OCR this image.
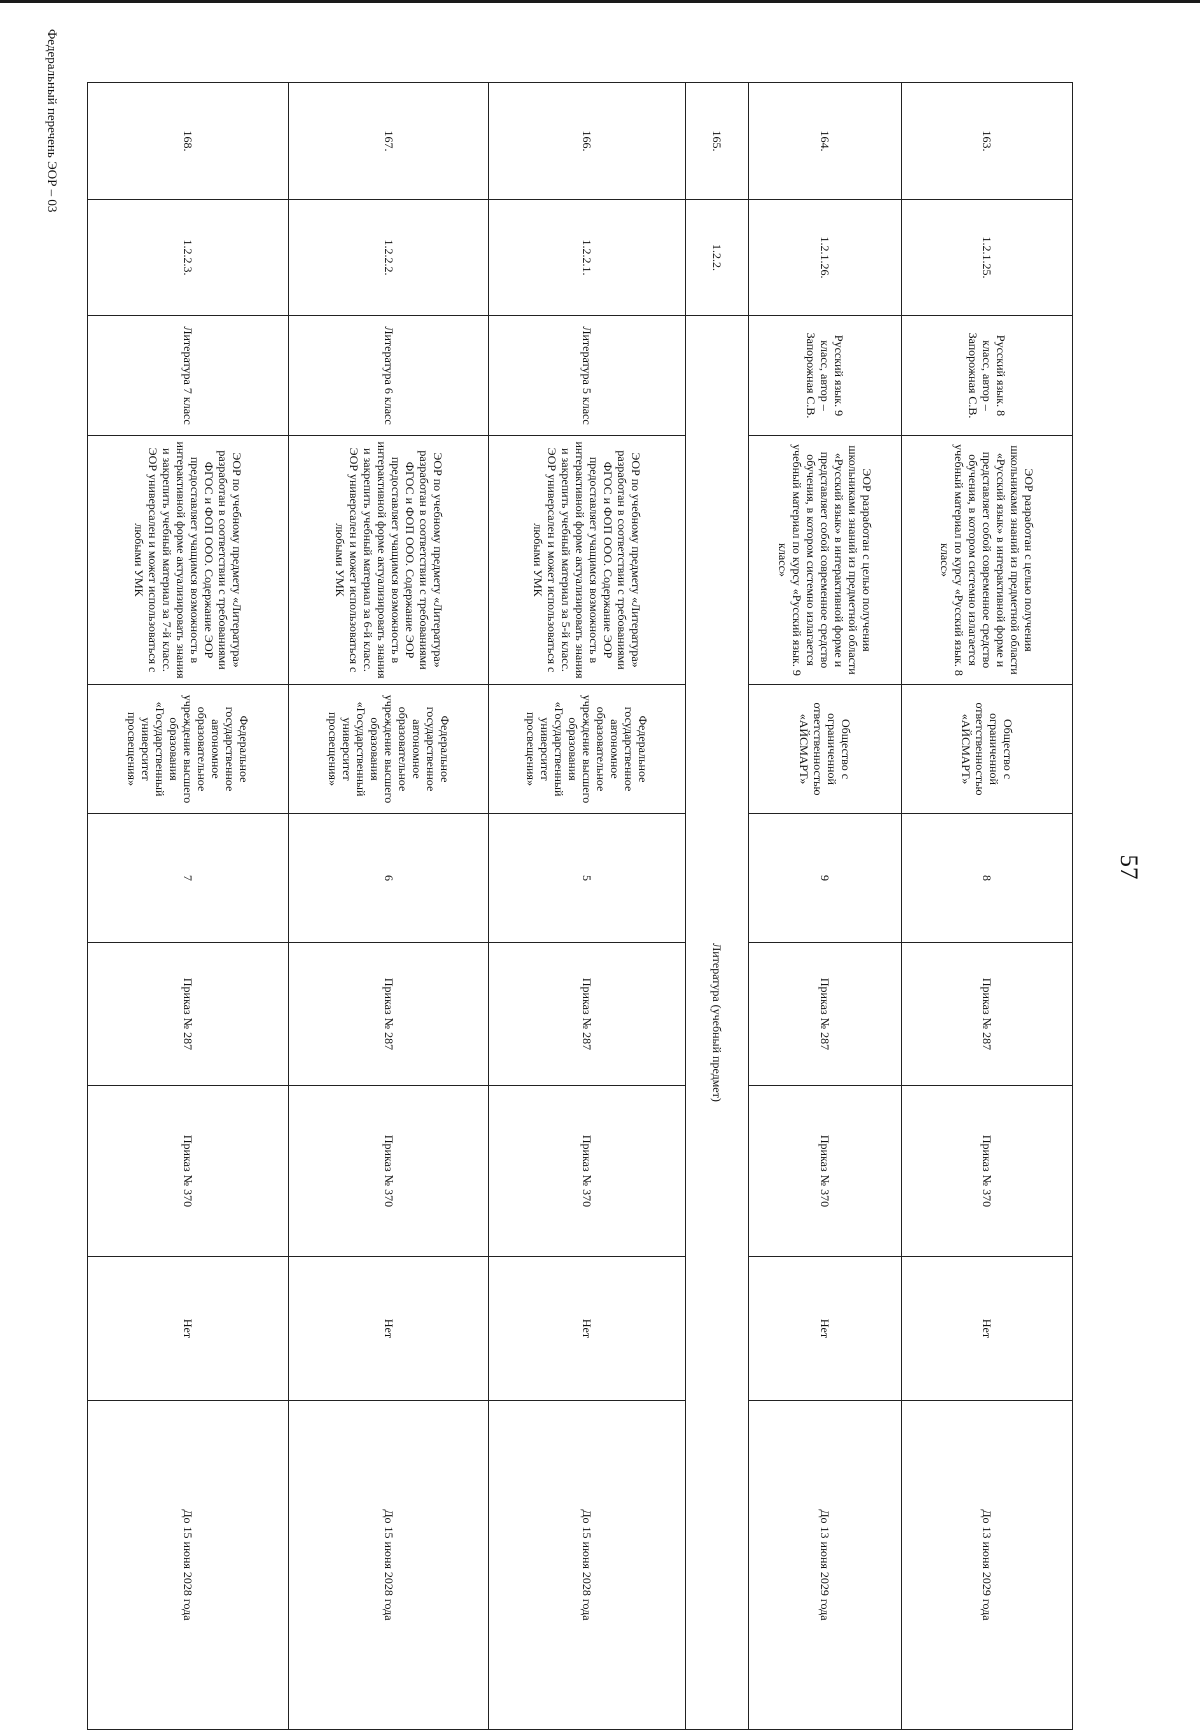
57
Федеральный перечень ЭОР – 03	163.	1.2.1.25.	Русский язык. 8 класс, автор – Запорожная С.В.	ЭОР разработан с целью получения школьниками знаний из предметной области «Русский язык» в интерактивной форме и представляет собой современное средство обучения, в котором системно излагается учебный материал по курсу «Русский язык. 8 класс»	Общество с ограниченной ответственностью «АЙСМАРТ»	8	Приказ № 287	Приказ № 370	Нет	До 13 июня 2029 года
164.	1.2.1.26.	Русский язык. 9 класс, автор – Запорожная С.В.	ЭОР разработан с целью получения школьниками знаний из предметной области «Русский язык» в интерактивной форме и представляет собой современное средство обучения, в котором системно излагается учебный материал по курсу «Русский язык. 9 класс»	Общество с ограниченной ответственностью «АЙСМАРТ»	9	Приказ № 287	Приказ № 370	Нет	До 13 июня 2029 года
165.	1.2.2.	Литература (учебный предмет)							
166.	1.2.2.1.	Литература 5 класс	ЭОР по учебному предмету «Литература» разработан в соответствии с требованиями ФГОС и ФОП ООО. Содержание ЭОР предоставляет учащимся возможность в интерактивной форме актуализировать знания и закрепить учебный материал за 5-й класс. ЭОР универсален и может использоваться с любыми УМК	Федеральное государственное автономное образовательное учреждение высшего образования «Государственный университет просвещения»	5	Приказ № 287	Приказ № 370	Нет	До 15 июня 2028 года
167.	1.2.2.2.	Литература 6 класс	ЭОР по учебному предмету «Литература» разработан в соответствии с требованиями ФГОС и ФОП ООО. Содержание ЭОР предоставляет учащимся возможность в интерактивной форме актуализировать знания и закрепить учебный материал за 6-й класс. ЭОР универсален и может использоваться с любыми УМК	Федеральное государственное автономное образовательное учреждение высшего образования «Государственный университет просвещения»	6	Приказ № 287	Приказ № 370	Нет	До 15 июня 2028 года
168.	1.2.2.3.	Литература 7 класс	ЭОР по учебному предмету «Литература» разработан в соответствии с требованиями ФГОС и ФОП ООО. Содержание ЭОР предоставляет учащимся возможность в интерактивной форме актуализировать знания и закрепить учебный материал за 7-й класс. ЭОР универсален и может использоваться с любыми УМК	Федеральное государственное автономное образовательное учреждение высшего образования «Государственный университет просвещения»	7	Приказ № 287	Приказ № 370	Нет	До 15 июня 2028 года
